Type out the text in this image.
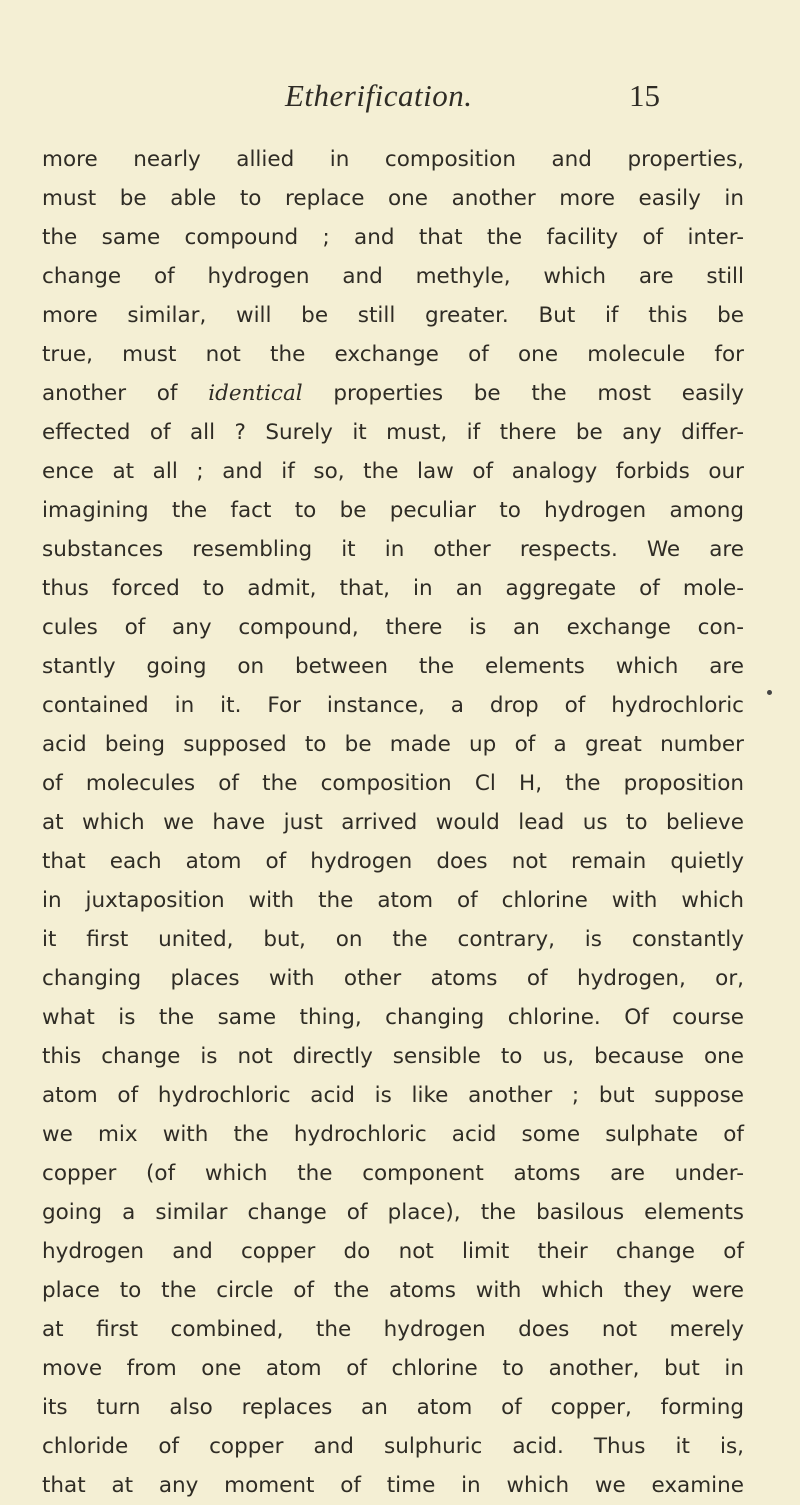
Etherification.	15
more nearly allied in composition and properties,
must be able to replace one another more easily in
the same compound ; and that the facility of inter-
change of hydrogen and methyle, which are still
more similar, will be still greater. But if this be
true, must not the exchange of one molecule for
another of identical properties be the most easily
effected of all ? Surely it must, if there be any differ-
ence at all ; and if so, the law of analogy forbids our
imagining the fact to be peculiar to hydrogen among
substances resembling it in other respects. We are
thus forced to admit, that, in an aggregate of mole-
cules of any compound, there is an exchange con-
stantly going on between the elements which are
contained in it. For instance, a drop of hydrochloric
acid being supposed to be made up of a great number
of molecules of the composition Cl H, the proposition
at which we have just arrived would lead us to believe
that each atom of hydrogen does not remain quietly
in juxtaposition with the atom of chlorine with which
it first united, but, on the contrary, is constantly
changing places with other atoms of hydrogen, or,
what is the same thing, changing chlorine. Of course
this change is not directly sensible to us, because one
atom of hydrochloric acid is like another ; but suppose
we mix with the hydrochloric acid some sulphate of
copper (of which the component atoms are under-
going a similar change of place), the basilous elements
hydrogen and copper do not limit their change of
place to the circle of the atoms with which they were
at first combined, the hydrogen does not merely
move from one atom of chlorine to another, but in
its turn also replaces an atom of copper, forming
chloride of copper and sulphuric acid. Thus it is,
that at any moment of time in which we examine
